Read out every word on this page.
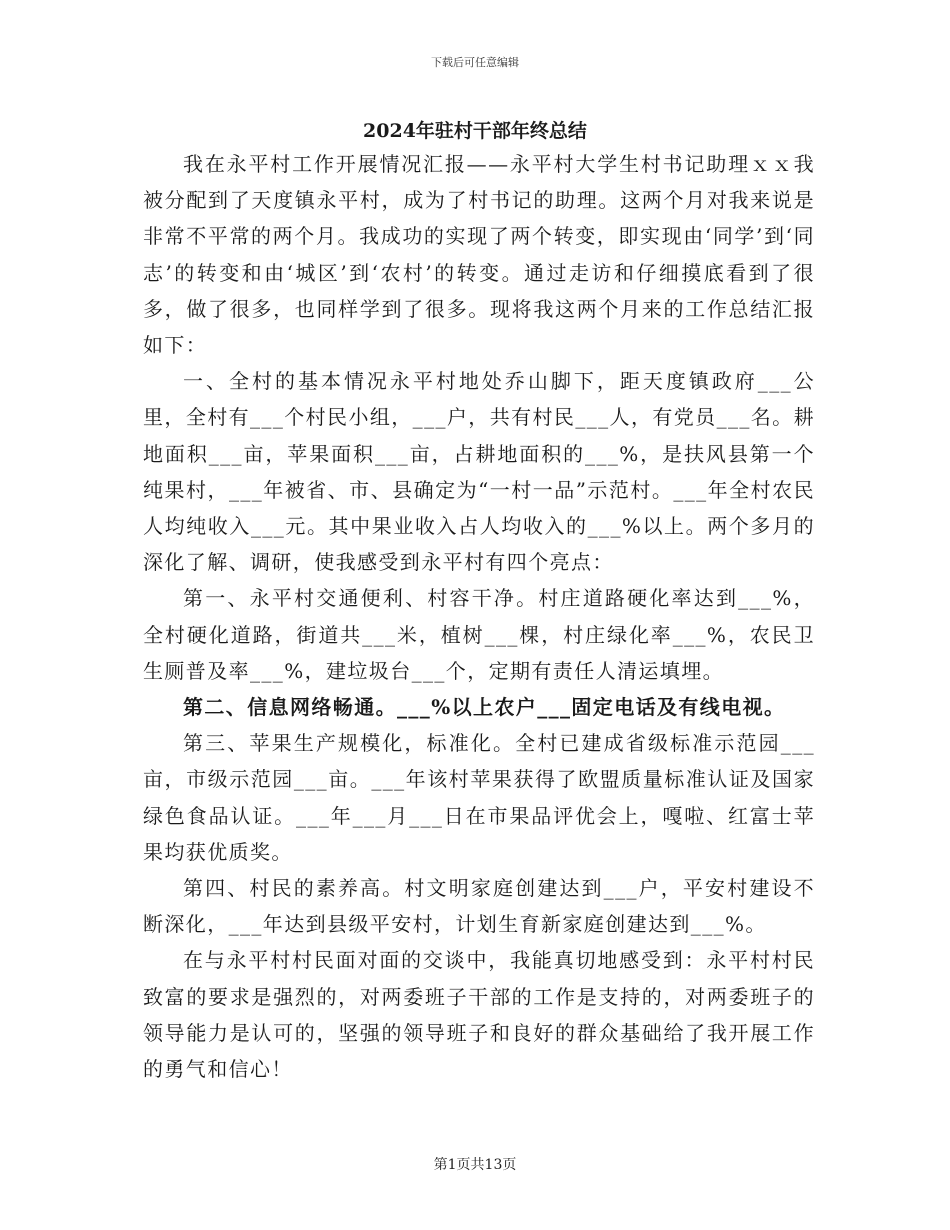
下载后可任意编辑
2024年驻村干部年终总结

我在永平村工作开展情况汇报——永平村大学生村书记助理ｘｘ我被分配到了天度镇永平村，成为了村书记的助理。这两个月对我来说是非常不平常的两个月。我成功的实现了两个转变，即实现由‘同学’到‘同志’的转变和由‘城区’到‘农村’的转变。通过走访和仔细摸底看到了很多，做了很多，也同样学到了很多。现将我这两个月来的工作总结汇报如下：

一、全村的基本情况永平村地处乔山脚下，距天度镇政府___公里，全村有___个村民小组，___户，共有村民___人，有党员___名。耕地面积___亩，苹果面积___亩，占耕地面积的___%，是扶风县第一个纯果村，___年被省、市、县确定为“一村一品”示范村。___年全村农民人均纯收入___元。其中果业收入占人均收入的___%以上。两个多月的深化了解、调研，使我感受到永平村有四个亮点：

第一、永平村交通便利、村容干净。村庄道路硬化率达到___%，全村硬化道路，街道共___米，植树___棵，村庄绿化率___%，农民卫生厕普及率___%，建垃圾台___个，定期有责任人清运填埋。

第二、信息网络畅通。___%以上农户___固定电话及有线电视。

第三、苹果生产规模化，标准化。全村已建成省级标准示范园___亩，市级示范园___亩。___年该村苹果获得了欧盟质量标准认证及国家绿色食品认证。___年___月___日在市果品评优会上，嘎啦、红富士苹果均获优质奖。

第四、村民的素养高。村文明家庭创建达到___户，平安村建设不断深化，___年达到县级平安村，计划生育新家庭创建达到___%。

在与永平村村民面对面的交谈中，我能真切地感受到：永平村村民致富的要求是强烈的，对两委班子干部的工作是支持的，对两委班子的领导能力是认可的，坚强的领导班子和良好的群众基础给了我开展工作的勇气和信心！

第1页共13页
